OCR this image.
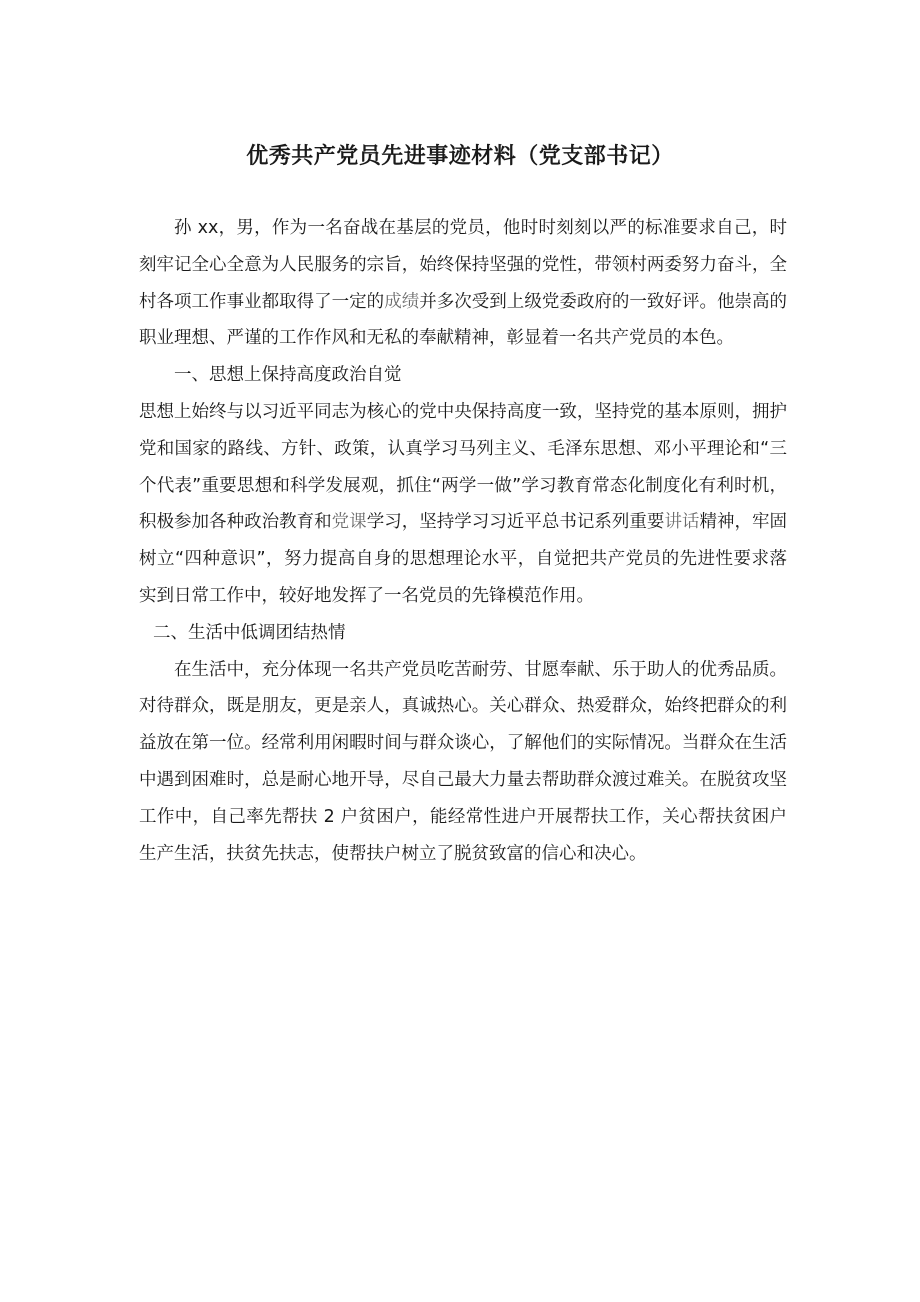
优秀共产党员先进事迹材料（党支部书记）

孙 xx，男，作为一名奋战在基层的党员，他时时刻刻以严的标准要求自己，时刻牢记全心全意为人民服务的宗旨，始终保持坚强的党性，带领村两委努力奋斗，全村各项工作事业都取得了一定的成绩并多次受到上级党委政府的一致好评。他崇高的职业理想、严谨的工作作风和无私的奉献精神，彰显着一名共产党员的本色。

一、思想上保持高度政治自觉

思想上始终与以习近平同志为核心的党中央保持高度一致，坚持党的基本原则，拥护党和国家的路线、方针、政策，认真学习马列主义、毛泽东思想、邓小平理论和“三个代表”重要思想和科学发展观，抓住“两学一做”学习教育常态化制度化有利时机，积极参加各种政治教育和党课学习，坚持学习习近平总书记系列重要讲话精神，牢固树立“四种意识”，努力提高自身的思想理论水平，自觉把共产党员的先进性要求落实到日常工作中，较好地发挥了一名党员的先锋模范作用。

二、生活中低调团结热情

在生活中，充分体现一名共产党员吃苦耐劳、甘愿奉献、乐于助人的优秀品质。对待群众，既是朋友，更是亲人，真诚热心。关心群众、热爱群众，始终把群众的利益放在第一位。经常利用闲暇时间与群众谈心，了解他们的实际情况。当群众在生活中遇到困难时，总是耐心地开导，尽自己最大力量去帮助群众渡过难关。在脱贫攻坚工作中，自己率先帮扶 2 户贫困户，能经常性进户开展帮扶工作，关心帮扶贫困户生产生活，扶贫先扶志，使帮扶户树立了脱贫致富的信心和决心。
